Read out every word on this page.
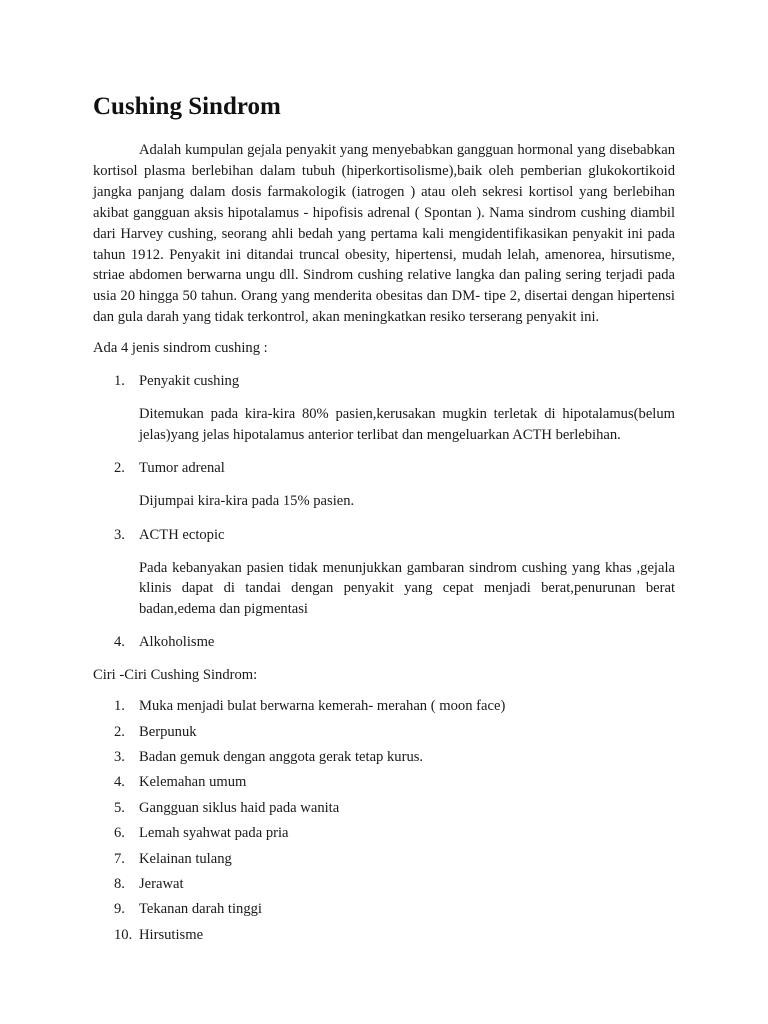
Cushing Sindrom

Adalah kumpulan gejala penyakit yang menyebabkan gangguan hormonal yang disebabkan kortisol plasma berlebihan dalam tubuh (hiperkortisolisme),baik oleh pemberian glukokortikoid jangka panjang dalam dosis farmakologik (iatrogen ) atau oleh sekresi kortisol yang berlebihan akibat gangguan aksis hipotalamus - hipofisis adrenal ( Spontan ). Nama sindrom cushing diambil dari Harvey cushing, seorang ahli bedah yang pertama kali mengidentifikasikan penyakit ini pada tahun 1912. Penyakit ini ditandai truncal obesity, hipertensi, mudah lelah, amenorea, hirsutisme, striae abdomen berwarna ungu dll. Sindrom cushing relative langka dan paling sering terjadi pada usia 20 hingga 50 tahun. Orang yang menderita obesitas dan DM- tipe 2, disertai dengan hipertensi dan gula darah yang tidak terkontrol, akan meningkatkan resiko terserang penyakit ini.

Ada 4 jenis sindrom cushing :

1. Penyakit cushing
Ditemukan pada kira-kira 80% pasien,kerusakan mugkin terletak di hipotalamus(belum jelas)yang jelas hipotalamus anterior terlibat dan mengeluarkan ACTH berlebihan.
2. Tumor adrenal
Dijumpai kira-kira pada 15% pasien.
3. ACTH ectopic
Pada kebanyakan pasien tidak menunjukkan gambaran sindrom cushing yang khas ,gejala klinis dapat di tandai dengan penyakit yang cepat menjadi berat,penurunan berat badan,edema dan pigmentasi
4. Alkoholisme

Ciri -Ciri Cushing Sindrom:

1. Muka menjadi bulat berwarna kemerah- merahan ( moon face)
2. Berpunuk
3. Badan gemuk dengan anggota gerak tetap kurus.
4. Kelemahan umum
5. Gangguan siklus haid pada wanita
6. Lemah syahwat pada pria
7. Kelainan tulang
8. Jerawat
9. Tekanan darah tinggi
10. Hirsutisme
